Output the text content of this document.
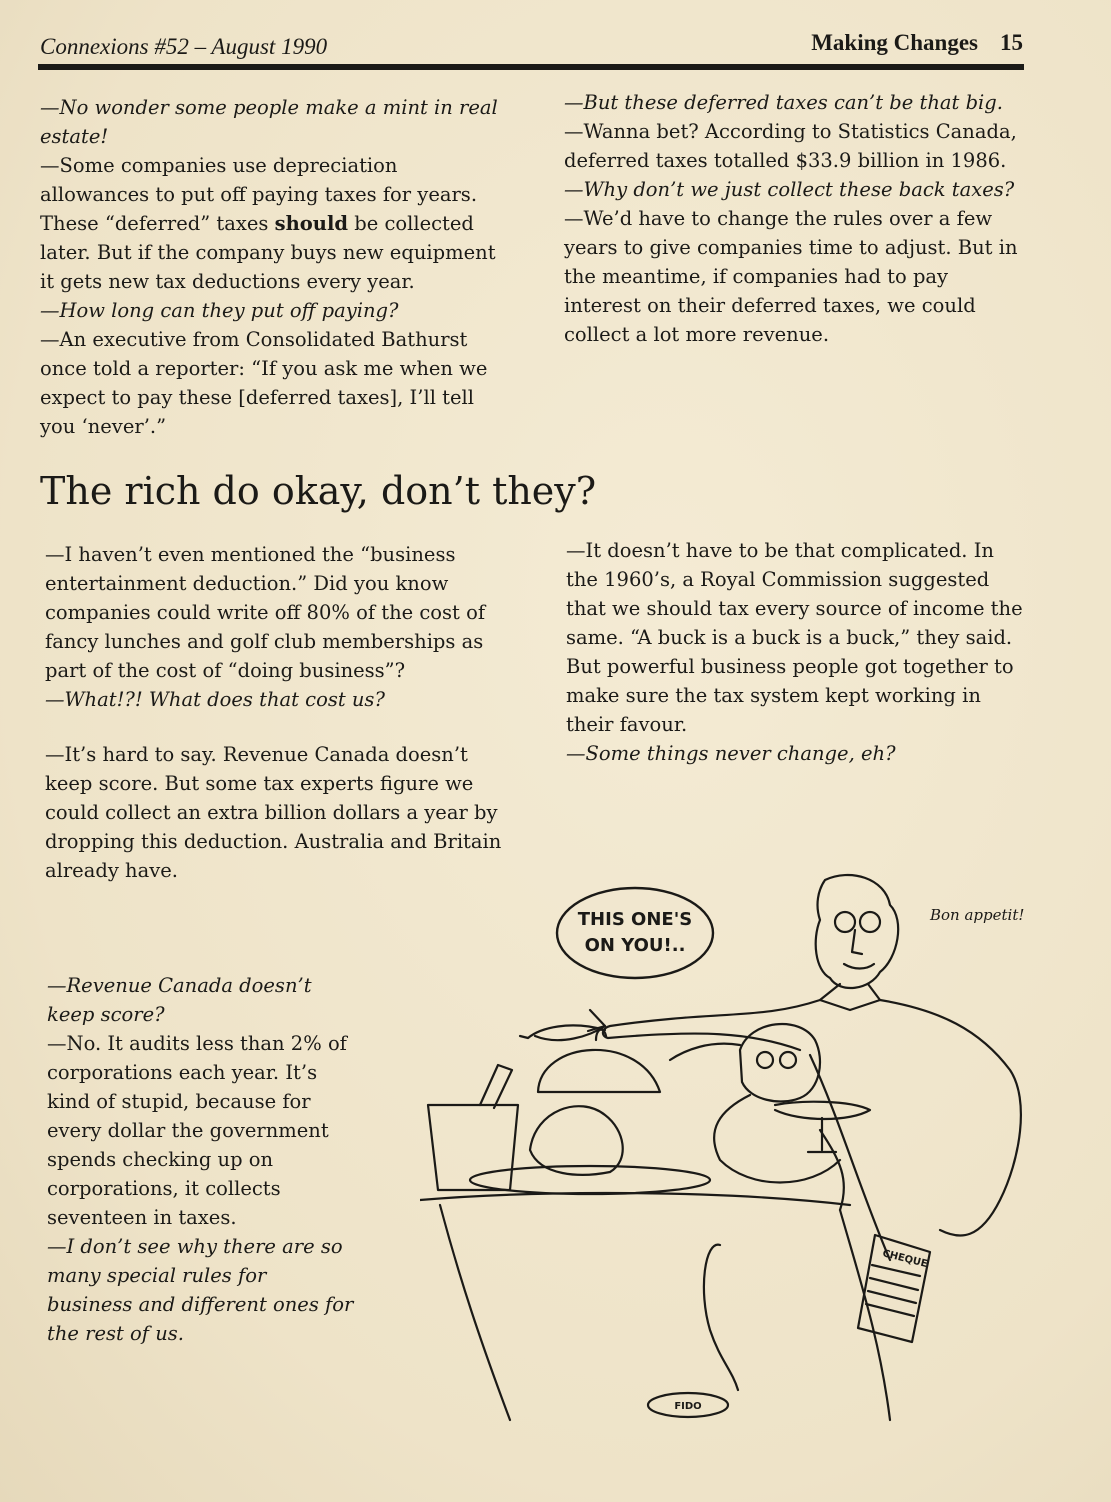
Connexions #52 – August 1990	Making Changes 15

—No wonder some people make a mint in real estate!

—Some companies use depreciation allowances to put off paying taxes for years. These “deferred” taxes should be collected later. But if the company buys new equipment it gets new tax deductions every year.

—How long can they put off paying?

—An executive from Consolidated Bathurst once told a reporter: “If you ask me when we expect to pay these [deferred taxes], I’ll tell you ‘never’.”

—But these deferred taxes can’t be that big.

—Wanna bet? According to Statistics Canada, deferred taxes totalled $33.9 billion in 1986.

—Why don’t we just collect these back taxes?

—We’d have to change the rules over a few years to give companies time to adjust. But in the meantime, if companies had to pay interest on their deferred taxes, we could collect a lot more revenue.

The rich do okay, don’t they?

—I haven’t even mentioned the “business entertainment deduction.” Did you know companies could write off 80% of the cost of fancy lunches and golf club memberships as part of the cost of “doing business”?

—What!?! What does that cost us?

—It’s hard to say. Revenue Canada doesn’t keep score. But some tax experts figure we could collect an extra billion dollars a year by dropping this deduction. Australia and Britain already have.

—Revenue Canada doesn’t keep score?

—No. It audits less than 2% of corporations each year. It’s kind of stupid, because for every dollar the government spends checking up on corporations, it collects seventeen in taxes.

—I don’t see why there are so many special rules for business and different ones for the rest of us.

—It doesn’t have to be that complicated. In the 1960’s, a Royal Commission suggested that we should tax every source of income the same. “A buck is a buck is a buck,” they said. But powerful business people got together to make sure the tax system kept working in their favour.

—Some things never change, eh?

THIS ONE'S
ON YOU!..
Bon appetit!
CHEQUE
FIDO
